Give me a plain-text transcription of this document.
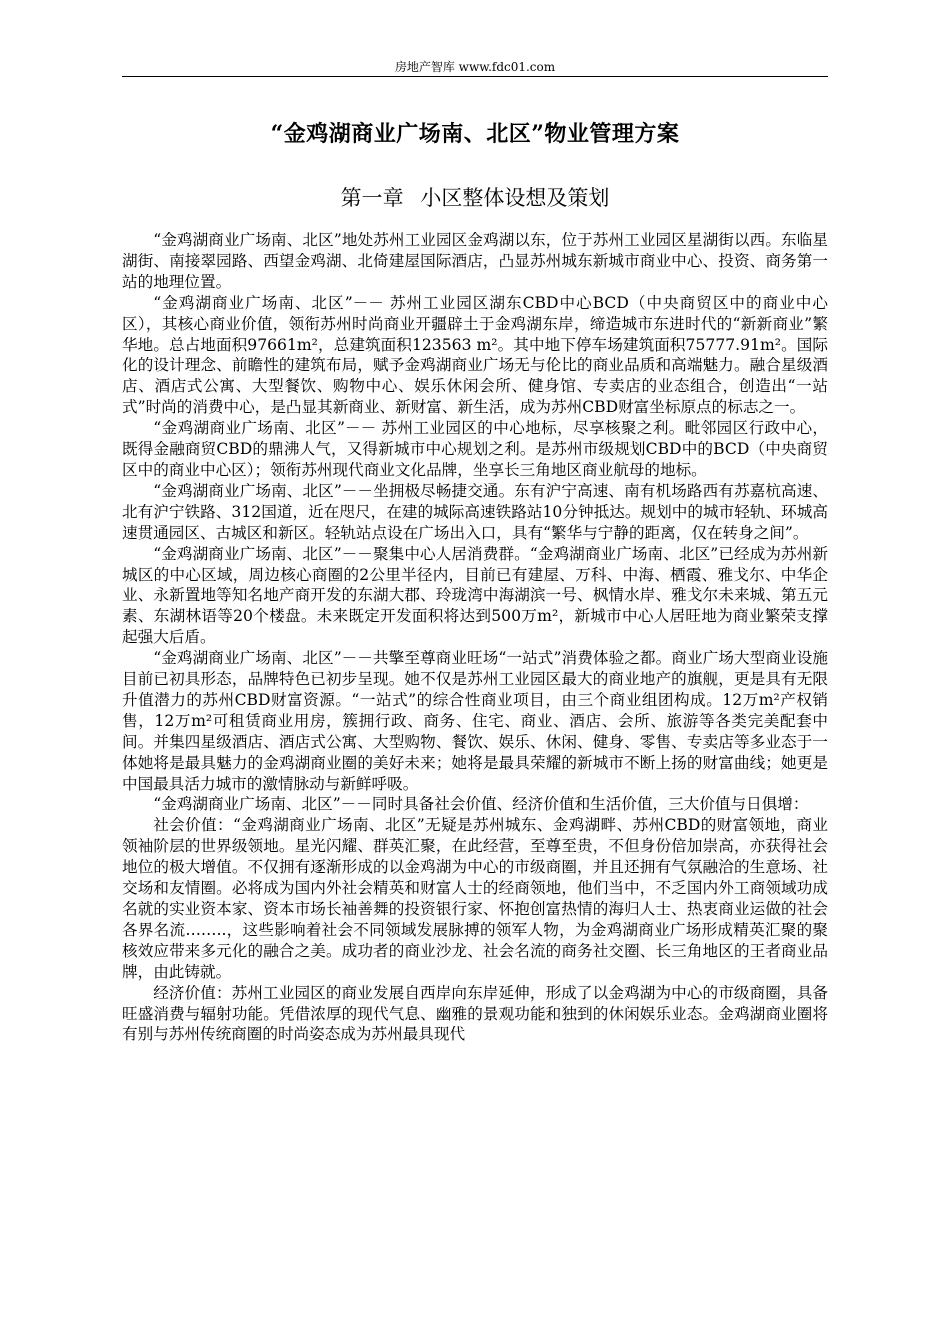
房地产智库 www.fdc01.com
“金鸡湖商业广场南、北区”物业管理方案
第一章 小区整体设想及策划

“金鸡湖商业广场南、北区”地处苏州工业园区金鸡湖以东，位于苏州工业园区星湖街以西。东临星湖街、南接翠园路、西望金鸡湖、北倚建屋国际酒店，凸显苏州城东新城市商业中心、投资、商务第一站的地理位置。

“金鸡湖商业广场南、北区”－－ 苏州工业园区湖东CBD中心BCD（中央商贸区中的商业中心区），其核心商业价值，领衔苏州时尚商业开疆辟土于金鸡湖东岸，缔造城市东进时代的“新新商业”繁华地。总占地面积97661m²，总建筑面积123563 m²。其中地下停车场建筑面积75777.91m²。国际化的设计理念、前瞻性的建筑布局，赋予金鸡湖商业广场无与伦比的商业品质和高端魅力。融合星级酒店、酒店式公寓、大型餐饮、购物中心、娱乐休闲会所、健身馆、专卖店的业态组合，创造出“一站式”时尚的消费中心，是凸显其新商业、新财富、新生活，成为苏州CBD财富坐标原点的标志之一。

“金鸡湖商业广场南、北区”－－ 苏州工业园区的中心地标，尽享核聚之利。毗邻园区行政中心，既得金融商贸CBD的鼎沸人气，又得新城市中心规划之利。是苏州市级规划CBD中的BCD（中央商贸区中的商业中心区）；领衔苏州现代商业文化品牌，坐享长三角地区商业航母的地标。

“金鸡湖商业广场南、北区”－－坐拥极尽畅捷交通。东有沪宁高速、南有机场路西有苏嘉杭高速、北有沪宁铁路、312国道，近在咫尺，在建的城际高速铁路站10分钟抵达。规划中的城市轻轨、环城高速贯通园区、古城区和新区。轻轨站点设在广场出入口，具有“繁华与宁静的距离，仅在转身之间”。

“金鸡湖商业广场南、北区”－－聚集中心人居消费群。“金鸡湖商业广场南、北区”已经成为苏州新城区的中心区域，周边核心商圈的2公里半径内，目前已有建屋、万科、中海、栖霞、雅戈尔、中华企业、永新置地等知名地产商开发的东湖大郡、玲珑湾中海湖滨一号、枫情水岸、雅戈尔未来城、第五元素、东湖林语等20个楼盘。未来既定开发面积将达到500万m²，新城市中心人居旺地为商业繁荣支撑起强大后盾。

“金鸡湖商业广场南、北区”－－共擎至尊商业旺场“一站式”消费体验之都。商业广场大型商业设施目前已初具形态，品牌特色已初步呈现。她不仅是苏州工业园区最大的商业地产的旗舰，更是具有无限升值潜力的苏州CBD财富资源。“一站式”的综合性商业项目，由三个商业组团构成。12万m²产权销售，12万m²可租赁商业用房，簇拥行政、商务、住宅、商业、酒店、会所、旅游等各类完美配套中间。并集四星级酒店、酒店式公寓、大型购物、餐饮、娱乐、休闲、健身、零售、专卖店等多业态于一体她将是最具魅力的金鸡湖商业圈的美好未来；她将是最具荣耀的新城市不断上扬的财富曲线；她更是中国最具活力城市的激情脉动与新鲜呼吸。

“金鸡湖商业广场南、北区”－－同时具备社会价值、经济价值和生活价值，三大价值与日俱增：

社会价值：“金鸡湖商业广场南、北区”无疑是苏州城东、金鸡湖畔、苏州CBD的财富领地，商业领袖阶层的世界级领地。星光闪耀、群英汇聚，在此经营，至尊至贵，不但身份倍加崇高，亦获得社会地位的极大增值。不仅拥有逐渐形成的以金鸡湖为中心的市级商圈，并且还拥有气氛融洽的生意场、社交场和友情圈。必将成为国内外社会精英和财富人士的经商领地，他们当中，不乏国内外工商领域功成名就的实业资本家、资本市场长袖善舞的投资银行家、怀抱创富热情的海归人士、热衷商业运做的社会各界名流……..，这些影响着社会不同领域发展脉搏的领军人物，为金鸡湖商业广场形成精英汇聚的聚核效应带来多元化的融合之美。成功者的商业沙龙、社会名流的商务社交圈、长三角地区的王者商业品牌，由此铸就。

经济价值：苏州工业园区的商业发展自西岸向东岸延伸，形成了以金鸡湖为中心的市级商圈，具备旺盛消费与辐射功能。凭借浓厚的现代气息、幽雅的景观功能和独到的休闲娱乐业态。金鸡湖商业圈将有别与苏州传统商圈的时尚姿态成为苏州最具现代
